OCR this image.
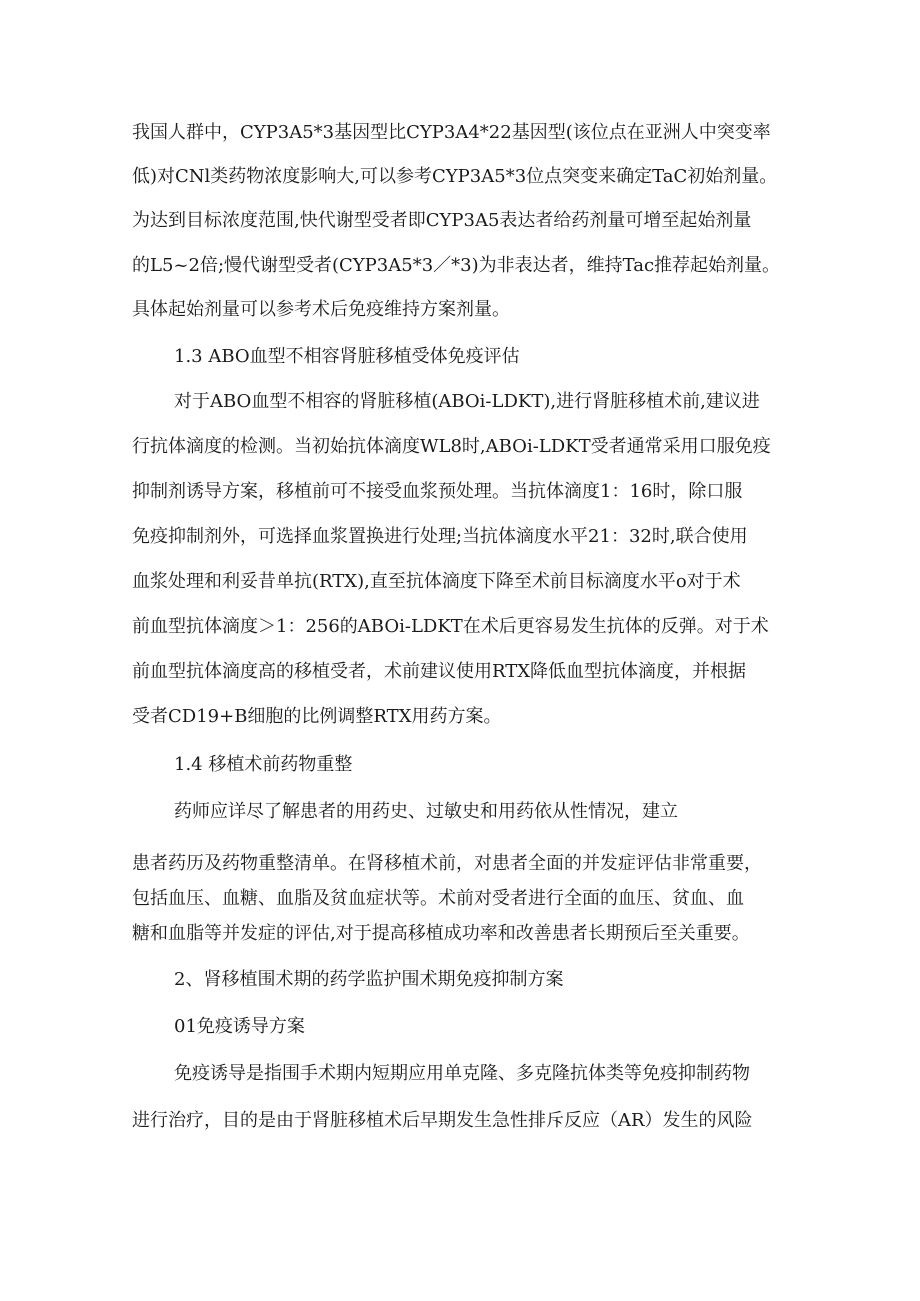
我国人群中，CYP3A5*3基因型比CYP3A4*22基因型(该位点在亚洲人中突变率
低)对CNl类药物浓度影响大,可以参考CYP3A5*3位点突变来确定TaC初始剂量。
为达到目标浓度范围,快代谢型受者即CYP3A5表达者给药剂量可增至起始剂量
的L5~2倍;慢代谢型受者(CYP3A5*3／*3)为非表达者，维持Tac推荐起始剂量。
具体起始剂量可以参考术后免疫维持方案剂量。
1.3 ABO血型不相容肾脏移植受体免疫评估
对于ABO血型不相容的肾脏移植(ABOi-LDKT),进行肾脏移植术前,建议进
行抗体滴度的检测。当初始抗体滴度WL8时,ABOi-LDKT受者通常采用口服免疫
抑制剂诱导方案，移植前可不接受血浆预处理。当抗体滴度1：16时，除口服
免疫抑制剂外，可选择血浆置换进行处理;当抗体滴度水平21：32时,联合使用
血浆处理和利妥昔单抗(RTX),直至抗体滴度下降至术前目标滴度水平o对于术
前血型抗体滴度＞1：256的ABOi-LDKT在术后更容易发生抗体的反弹。对于术
前血型抗体滴度高的移植受者，术前建议使用RTX降低血型抗体滴度，并根据
受者CD19+B细胞的比例调整RTX用药方案。
1.4 移植术前药物重整
药师应详尽了解患者的用药史、过敏史和用药依从性情况，建立
患者药历及药物重整清单。在肾移植术前，对患者全面的并发症评估非常重要，
包括血压、血糖、血脂及贫血症状等。术前对受者进行全面的血压、贫血、血
糖和血脂等并发症的评估,对于提高移植成功率和改善患者长期预后至关重要。
2、肾移植围术期的药学监护围术期免疫抑制方案
01免疫诱导方案
免疫诱导是指围手术期内短期应用单克隆、多克隆抗体类等免疫抑制药物
进行治疗，目的是由于肾脏移植术后早期发生急性排斥反应（AR）发生的风险
